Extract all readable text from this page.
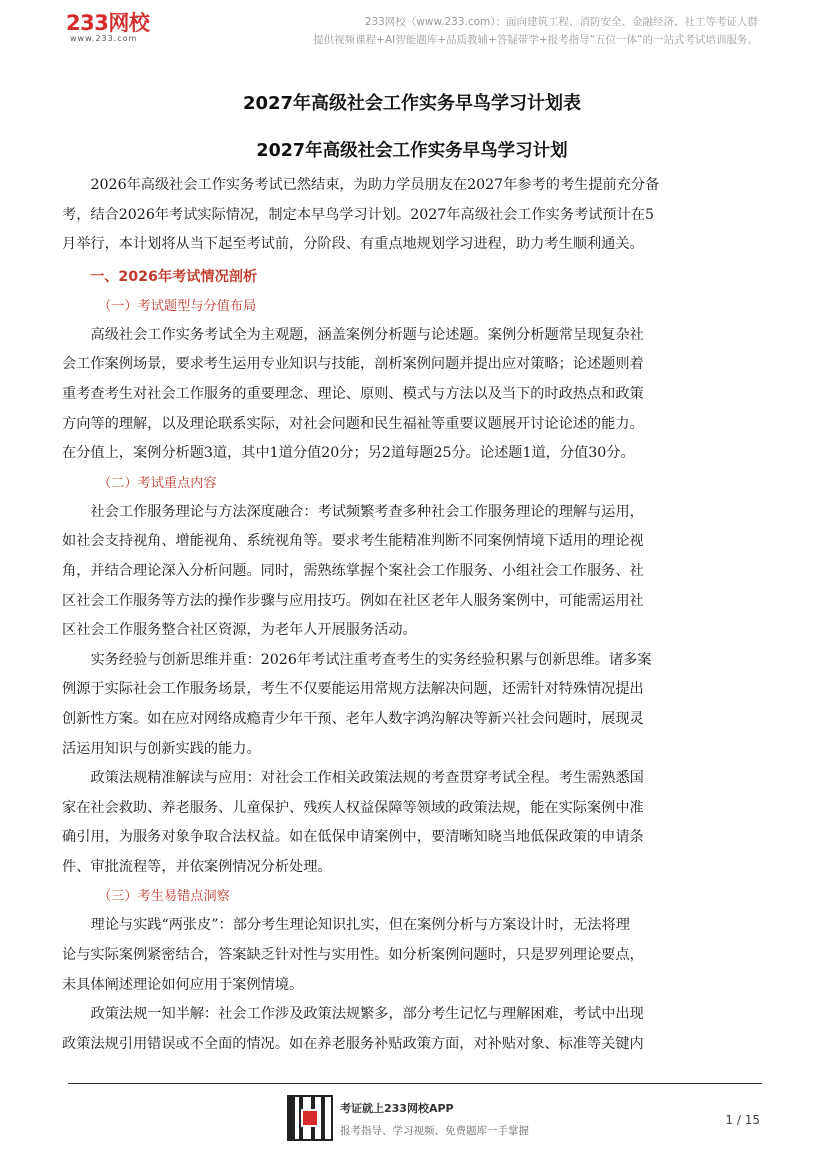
233网校
www.233.com
233网校（www.233.com）：面向建筑工程、消防安全、金融经济、社工等考证人群
提供视频课程+AI智能题库+品质教辅+答疑带学+报考指导“五位一体”的一站式考试培训服务。
2027年高级社会工作实务早鸟学习计划表
2027年高级社会工作实务早鸟学习计划

2026年高级社会工作实务考试已然结束，为助力学员朋友在2027年参考的考生提前充分备
考，结合2026年考试实际情况，制定本早鸟学习计划。2027年高级社会工作实务考试预计在5
月举行，本计划将从当下起至考试前，分阶段、有重点地规划学习进程，助力考生顺利通关。

一、2026年考试情况剖析
（一）考试题型与分值布局

高级社会工作实务考试全为主观题，涵盖案例分析题与论述题。案例分析题常呈现复杂社
会工作案例场景，要求考生运用专业知识与技能，剖析案例问题并提出应对策略；论述题则着
重考查考生对社会工作服务的重要理念、理论、原则、模式与方法以及当下的时政热点和政策
方向等的理解，以及理论联系实际，对社会问题和民生福祉等重要议题展开讨论论述的能力。
在分值上，案例分析题3道，其中1道分值20分；另2道每题25分。论述题1道，分值30分。

（二）考试重点内容

社会工作服务理论与方法深度融合：考试频繁考查多种社会工作服务理论的理解与运用，
如社会支持视角、增能视角、系统视角等。要求考生能精准判断不同案例情境下适用的理论视
角，并结合理论深入分析问题。同时，需熟练掌握个案社会工作服务、小组社会工作服务、社
区社会工作服务等方法的操作步骤与应用技巧。例如在社区老年人服务案例中，可能需运用社
区社会工作服务整合社区资源，为老年人开展服务活动。

实务经验与创新思维并重：2026年考试注重考查考生的实务经验积累与创新思维。诸多案
例源于实际社会工作服务场景，考生不仅要能运用常规方法解决问题，还需针对特殊情况提出
创新性方案。如在应对网络成瘾青少年干预、老年人数字鸿沟解决等新兴社会问题时，展现灵
活运用知识与创新实践的能力。

政策法规精准解读与应用：对社会工作相关政策法规的考查贯穿考试全程。考生需熟悉国
家在社会救助、养老服务、儿童保护、残疾人权益保障等领域的政策法规，能在实际案例中准
确引用，为服务对象争取合法权益。如在低保申请案例中，要清晰知晓当地低保政策的申请条
件、审批流程等，并依案例情况分析处理。

（三）考生易错点洞察

理论与实践“两张皮”：部分考生理论知识扎实，但在案例分析与方案设计时，无法将理
论与实际案例紧密结合，答案缺乏针对性与实用性。如分析案例问题时，只是罗列理论要点，
未具体阐述理论如何应用于案例情境。

政策法规一知半解：社会工作涉及政策法规繁多，部分考生记忆与理解困难，考试中出现
政策法规引用错误或不全面的情况。如在养老服务补贴政策方面，对补贴对象、标准等关键内

考证就上233网校APP
报考指导、学习视频、免费题库一手掌握
1 / 15
